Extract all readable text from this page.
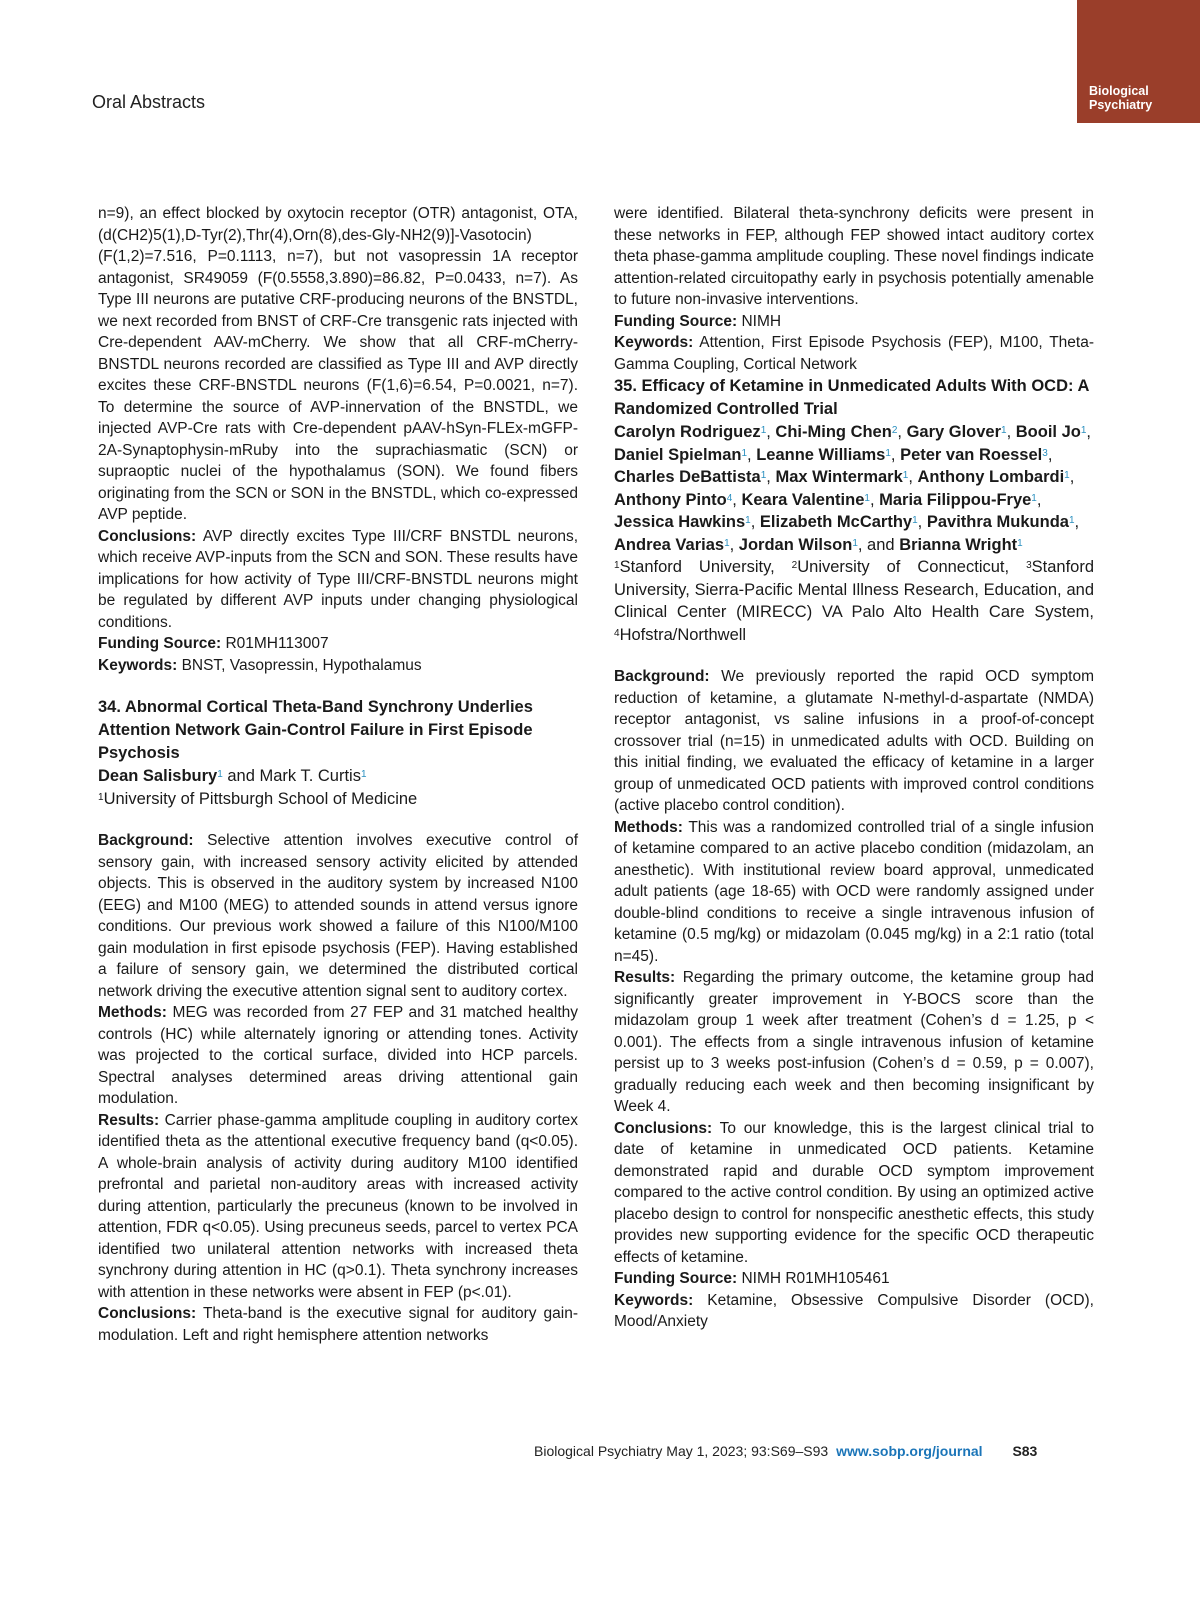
Oral Abstracts
Biological
Psychiatry

n=9), an effect blocked by oxytocin receptor (OTR) antagonist, OTA, (d(CH2)5(1),D-Tyr(2),Thr(4),Orn(8),des-Gly-NH2(9)]-Vasotocin) (F(1,2)=7.516, P=0.1113, n=7), but not vasopressin 1A receptor antagonist, SR49059 (F(0.5558,3.890)=86.82, P=0.0433, n=7). As Type III neurons are putative CRF-producing neurons of the BNSTDL, we next recorded from BNST of CRF-Cre transgenic rats injected with Cre-dependent AAV-mCherry. We show that all CRF-mCherry-BNSTDL neurons recorded are classified as Type III and AVP directly excites these CRF-BNSTDL neurons (F(1,6)=6.54, P=0.0021, n=7). To determine the source of AVP-innervation of the BNSTDL, we injected AVP-Cre rats with Cre-dependent pAAV-hSyn-FLEx-mGFP-2A-Synaptophysin-mRuby into the suprachiasmatic (SCN) or supraoptic nuclei of the hypothalamus (SON). We found fibers originating from the SCN or SON in the BNSTDL, which co-expressed AVP peptide.

Conclusions: AVP directly excites Type III/CRF BNSTDL neurons, which receive AVP-inputs from the SCN and SON. These results have implications for how activity of Type III/CRF-BNSTDL neurons might be regulated by different AVP inputs under changing physiological conditions.

Funding Source: R01MH113007

Keywords: BNST, Vasopressin, Hypothalamus

34. Abnormal Cortical Theta-Band Synchrony Underlies Attention Network Gain-Control Failure in First Episode Psychosis

Dean Salisbury$^1$ and Mark T. Curtis$^1$

$^1$University of Pittsburgh School of Medicine

Background: Selective attention involves executive control of sensory gain, with increased sensory activity elicited by attended objects. This is observed in the auditory system by increased N100 (EEG) and M100 (MEG) to attended sounds in attend versus ignore conditions. Our previous work showed a failure of this N100/M100 gain modulation in first episode psychosis (FEP). Having established a failure of sensory gain, we determined the distributed cortical network driving the executive attention signal sent to auditory cortex.

Methods: MEG was recorded from 27 FEP and 31 matched healthy controls (HC) while alternately ignoring or attending tones. Activity was projected to the cortical surface, divided into HCP parcels. Spectral analyses determined areas driving attentional gain modulation.

Results: Carrier phase-gamma amplitude coupling in auditory cortex identified theta as the attentional executive frequency band (q<0.05). A whole-brain analysis of activity during auditory M100 identified prefrontal and parietal non-auditory areas with increased activity during attention, particularly the precuneus (known to be involved in attention, FDR q<0.05). Using precuneus seeds, parcel to vertex PCA identified two unilateral attention networks with increased theta synchrony during attention in HC (q>0.1). Theta synchrony increases with attention in these networks were absent in FEP (p<.01).

Conclusions: Theta-band is the executive signal for auditory gain-modulation. Left and right hemisphere attention networks

were identified. Bilateral theta-synchrony deficits were present in these networks in FEP, although FEP showed intact auditory cortex theta phase-gamma amplitude coupling. These novel findings indicate attention-related circuitopathy early in psychosis potentially amenable to future non-invasive interventions.

Funding Source: NIMH

Keywords: Attention, First Episode Psychosis (FEP), M100, Theta-Gamma Coupling, Cortical Network

35. Efficacy of Ketamine in Unmedicated Adults With OCD: A Randomized Controlled Trial

Carolyn Rodriguez$^1$, Chi-Ming Chen$^2$, Gary Glover$^1$, Booil Jo$^1$, Daniel Spielman$^1$, Leanne Williams$^1$, Peter van Roessel$^3$, Charles DeBattista$^1$, Max Wintermark$^1$, Anthony Lombardi$^1$, Anthony Pinto$^4$, Keara Valentine$^1$, Maria Filippou-Frye$^1$, Jessica Hawkins$^1$, Elizabeth McCarthy$^1$, Pavithra Mukunda$^1$, Andrea Varias$^1$, Jordan Wilson$^1$, and Brianna Wright$^1$

$^1$Stanford University, $^2$University of Connecticut, $^3$Stanford University, Sierra-Pacific Mental Illness Research, Education, and Clinical Center (MIRECC) VA Palo Alto Health Care System, $^4$Hofstra/Northwell

Background: We previously reported the rapid OCD symptom reduction of ketamine, a glutamate N-methyl-d-aspartate (NMDA) receptor antagonist, vs saline infusions in a proof-of-concept crossover trial (n=15) in unmedicated adults with OCD. Building on this initial finding, we evaluated the efficacy of ketamine in a larger group of unmedicated OCD patients with improved control conditions (active placebo control condition).

Methods: This was a randomized controlled trial of a single infusion of ketamine compared to an active placebo condition (midazolam, an anesthetic). With institutional review board approval, unmedicated adult patients (age 18-65) with OCD were randomly assigned under double-blind conditions to receive a single intravenous infusion of ketamine (0.5 mg/kg) or midazolam (0.045 mg/kg) in a 2:1 ratio (total n=45).

Results: Regarding the primary outcome, the ketamine group had significantly greater improvement in Y-BOCS score than the midazolam group 1 week after treatment (Cohen’s d = 1.25, p < 0.001). The effects from a single intravenous infusion of ketamine persist up to 3 weeks post-infusion (Cohen’s d = 0.59, p = 0.007), gradually reducing each week and then becoming insignificant by Week 4.

Conclusions: To our knowledge, this is the largest clinical trial to date of ketamine in unmedicated OCD patients. Ketamine demonstrated rapid and durable OCD symptom improvement compared to the active control condition. By using an optimized active placebo design to control for nonspecific anesthetic effects, this study provides new supporting evidence for the specific OCD therapeutic effects of ketamine.

Funding Source: NIMH R01MH105461

Keywords: Ketamine, Obsessive Compulsive Disorder (OCD), Mood/Anxiety

Biological Psychiatry May 1, 2023; 93:S69–S93 www.sobp.org/journal S83
